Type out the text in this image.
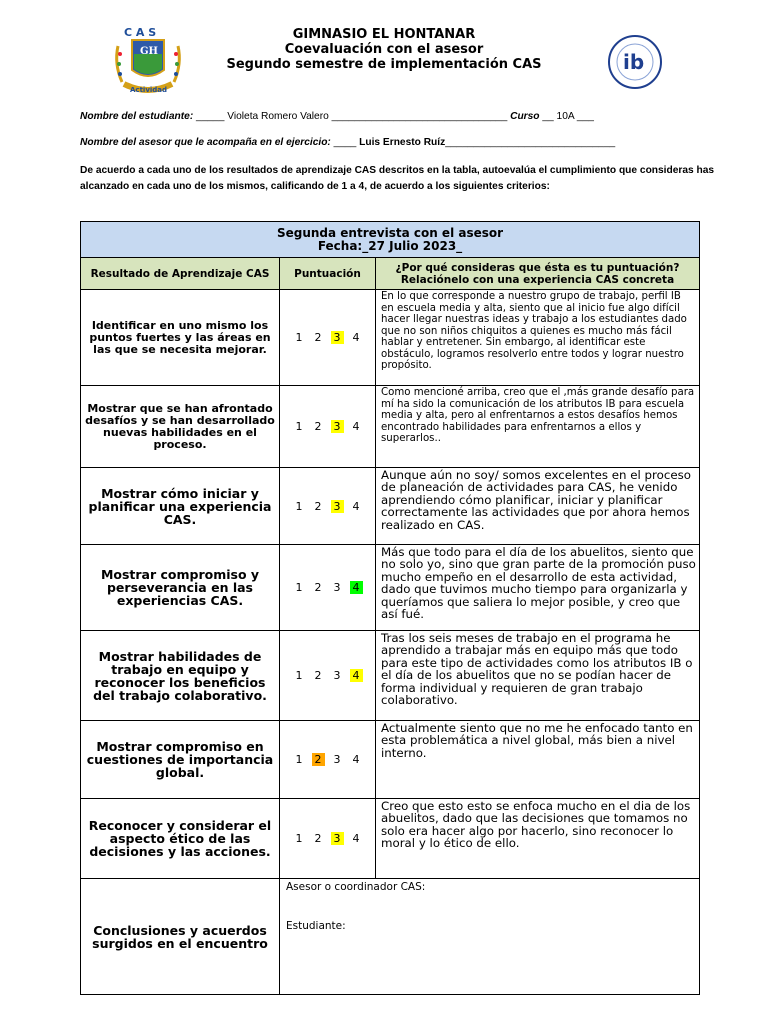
C A S
GH
Actividad
ib
GIMNASIO EL HONTANAR
Coevaluación con el asesor
Segundo semestre de implementación CAS
Nombre del estudiante: _____ Violeta Romero Valero _______________________________ Curso __ 10A ___
Nombre del asesor que le acompaña en el ejercicio: ____ Luis Ernesto Ruíz______________________________
De acuerdo a cada uno de los resultados de aprendizaje CAS descritos en la tabla, autoevalúa el cumplimiento que consideras has alcanzado en cada uno de los mismos, calificando de 1 a 4, de acuerdo a los siguientes criterios:
Segunda entrevista con el asesor
Fecha:_27 Julio 2023_		

Resultado de Aprendizaje CAS	Puntuación	¿Por qué consideras que ésta es tu puntuación? Relaciónelo con una experiencia CAS concreta
Identificar en uno mismo los puntos fuertes y las áreas en las que se necesita mejorar.	1 2 3 4	En lo que corresponde a nuestro grupo de trabajo, perfil IB en escuela media y alta, siento que al inicio fue algo difícil hacer llegar nuestras ideas y trabajo a los estudiantes dado que no son niños chiquitos a quienes es mucho más fácil hablar y entretener. Sin embargo, al identificar este obstáculo, logramos resolverlo entre todos y lograr nuestro propósito.
Mostrar que se han afrontado desafíos y se han desarrollado nuevas habilidades en el proceso.	1 2 3 4	Como mencioné arriba, creo que el ,más grande desafío para mí ha sido la comunicación de los atributos IB para escuela media y alta, pero al enfrentarnos a estos desafíos hemos encontrado habilidades para enfrentarnos a ellos y superarlos..
Mostrar cómo iniciar y planificar una experiencia CAS.	1 2 3 4	Aunque aún no soy/ somos excelentes en el proceso de planeación de actividades para CAS, he venido aprendiendo cómo planificar, iniciar y planificar correctamente las actividades que por ahora hemos realizado en CAS.
Mostrar compromiso y perseverancia en las experiencias CAS.	1 2 3 4	Más que todo para el día de los abuelitos, siento que no solo yo, sino que gran parte de la promoción puso mucho empeño en el desarrollo de esta actividad, dado que tuvimos mucho tiempo para organizarla y queríamos que saliera lo mejor posible, y creo que así fué.
Mostrar habilidades de trabajo en equipo y reconocer los beneficios del trabajo colaborativo.	1 2 3 4	Tras los seis meses de trabajo en el programa he aprendido a trabajar más en equipo más que todo para este tipo de actividades como los atributos IB o el día de los abuelitos que no se podían hacer de forma individual y requieren de gran trabajo colaborativo.
Mostrar compromiso en cuestiones de importancia global.	1 2 3 4	Actualmente siento que no me he enfocado tanto en esta problemática a nivel global, más bien a nivel interno.
Reconocer y considerar el aspecto ético de las decisiones y las acciones.	1 2 3 4	Creo que esto esto se enfoca mucho en el dia de los abuelitos, dado que las decisiones que tomamos no solo era hacer algo por hacerlo, sino reconocer lo moral y lo ético de ello.
Conclusiones y acuerdos surgidos en el encuentro	Asesor o coordinador CAS:
Estudiante:	
